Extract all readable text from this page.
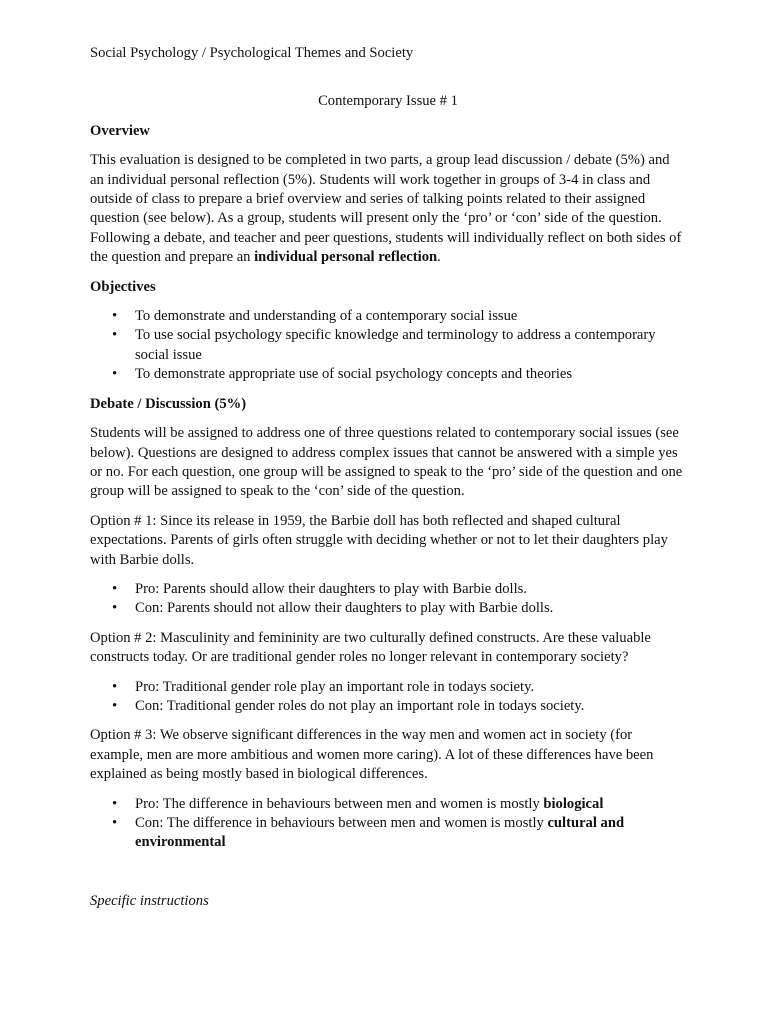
Social Psychology / Psychological Themes and Society

Contemporary Issue # 1

Overview

This evaluation is designed to be completed in two parts, a group lead discussion / debate (5%) and an individual personal reflection (5%). Students will work together in groups of 3-4 in class and outside of class to prepare a brief overview and series of talking points related to their assigned question (see below). As a group, students will present only the ‘pro’ or ‘con’ side of the question. Following a debate, and teacher and peer questions, students will individually reflect on both sides of the question and prepare an individual personal reflection.

Objectives

• To demonstrate and understanding of a contemporary social issue
• To use social psychology specific knowledge and terminology to address a contemporary social issue
• To demonstrate appropriate use of social psychology concepts and theories

Debate / Discussion (5%)

Students will be assigned to address one of three questions related to contemporary social issues (see below). Questions are designed to address complex issues that cannot be answered with a simple yes or no. For each question, one group will be assigned to speak to the ‘pro’ side of the question and one group will be assigned to speak to the ‘con’ side of the question.

Option # 1: Since its release in 1959, the Barbie doll has both reflected and shaped cultural expectations. Parents of girls often struggle with deciding whether or not to let their daughters play with Barbie dolls.

• Pro: Parents should allow their daughters to play with Barbie dolls.
• Con: Parents should not allow their daughters to play with Barbie dolls.

Option # 2: Masculinity and femininity are two culturally defined constructs. Are these valuable constructs today. Or are traditional gender roles no longer relevant in contemporary society?

• Pro: Traditional gender role play an important role in todays society.
• Con: Traditional gender roles do not play an important role in todays society.

Option # 3: We observe significant differences in the way men and women act in society (for example, men are more ambitious and women more caring). A lot of these differences have been explained as being mostly based in biological differences.

• Pro: The difference in behaviours between men and women is mostly biological
• Con: The difference in behaviours between men and women is mostly cultural and environmental

Specific instructions
